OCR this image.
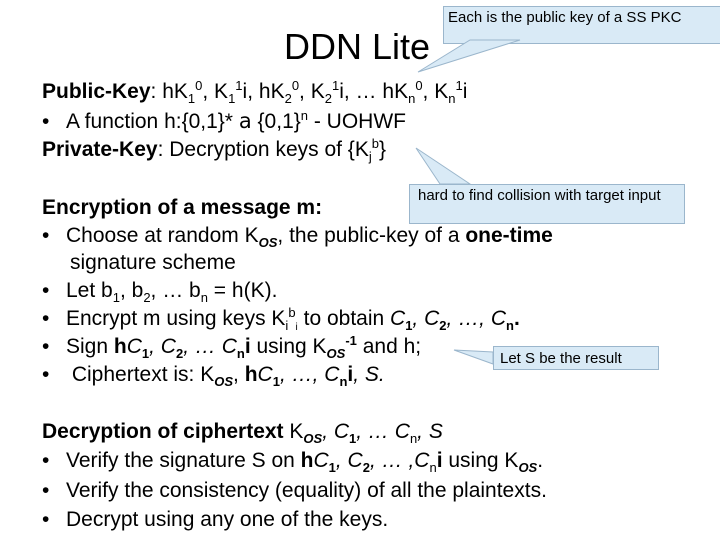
DDN Lite
Each is the public key of a SS PKC
hard to find collision with target input
Let S be the result
Public-Key: $hK_1^0$, $K_1^1i$, $hK_2^0$, $K_2^1i$, … $hK_n^0$, $K_n^1i$
• A function h:{0,1}* a $\{0,1\}^n$ - UOHWF
Private-Key: Decryption keys of $\{K_j^b\}$
Encryption of a message m:
• Choose at random $K_{OS}$, the public-key of a one-time
signature scheme
• Let $b_1$, $b_2$, … $b_n = h(K)$.
• Encrypt m using keys $K_i^b_i$ to obtain $C_1$, $C_2$, …, $C_n$.
• Sign $hC_1$, $C_2$, … $C_ni$ using $K_{OS}^{-1}$ and h;
• Ciphertext is: $K_{OS}$, $hC_1$, …, $C_ni$, S.
Decryption of ciphertext $K_{OS}$, $C_1$, … $C_n$, S
• Verify the signature S on $hC_1$, $C_2$, … $,C_ni$ using $K_{OS}$.
• Verify the consistency (equality) of all the plaintexts.
• Decrypt using any one of the keys.
